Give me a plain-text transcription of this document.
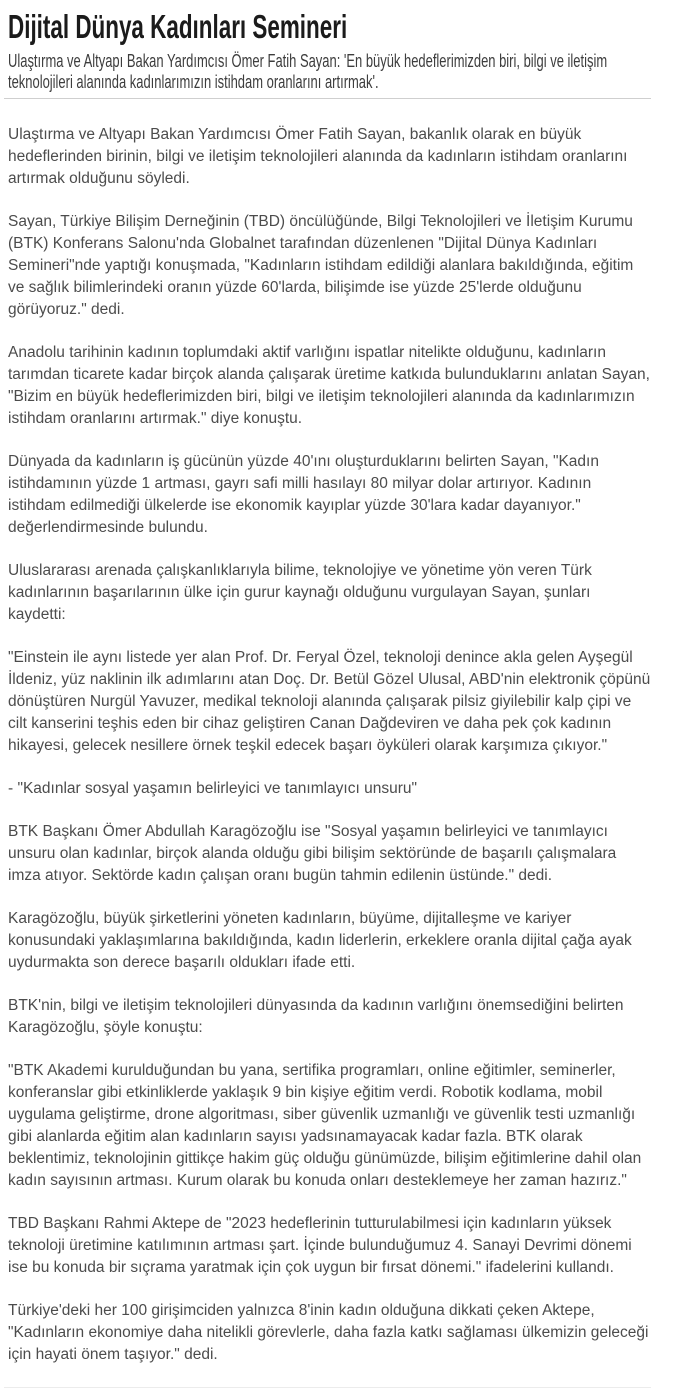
Dijital Dünya Kadınları Semineri

Ulaştırma ve Altyapı Bakan Yardımcısı Ömer Fatih Sayan: 'En büyük hedeflerimizden biri, bilgi ve iletişim teknolojileri alanında kadınlarımızın istihdam oranlarını artırmak'.

Ulaştırma ve Altyapı Bakan Yardımcısı Ömer Fatih Sayan, bakanlık olarak en büyük hedeflerinden birinin, bilgi ve iletişim teknolojileri alanında da kadınların istihdam oranlarını artırmak olduğunu söyledi.

Sayan, Türkiye Bilişim Derneğinin (TBD) öncülüğünde, Bilgi Teknolojileri ve İletişim Kurumu (BTK) Konferans Salonu'nda Globalnet tarafından düzenlenen "Dijital Dünya Kadınları Semineri"nde yaptığı konuşmada, "Kadınların istihdam edildiği alanlara bakıldığında, eğitim ve sağlık bilimlerindeki oranın yüzde 60'larda, bilişimde ise yüzde 25'lerde olduğunu görüyoruz." dedi.

Anadolu tarihinin kadının toplumdaki aktif varlığını ispatlar nitelikte olduğunu, kadınların tarımdan ticarete kadar birçok alanda çalışarak üretime katkıda bulunduklarını anlatan Sayan, "Bizim en büyük hedeflerimizden biri, bilgi ve iletişim teknolojileri alanında da kadınlarımızın istihdam oranlarını artırmak." diye konuştu.

Dünyada da kadınların iş gücünün yüzde 40'ını oluşturduklarını belirten Sayan, "Kadın istihdamının yüzde 1 artması, gayrı safi milli hasılayı 80 milyar dolar artırıyor. Kadının istihdam edilmediği ülkelerde ise ekonomik kayıplar yüzde 30'lara kadar dayanıyor." değerlendirmesinde bulundu.

Uluslararası arenada çalışkanlıklarıyla bilime, teknolojiye ve yönetime yön veren Türk kadınlarının başarılarının ülke için gurur kaynağı olduğunu vurgulayan Sayan, şunları kaydetti:

"Einstein ile aynı listede yer alan Prof. Dr. Feryal Özel, teknoloji denince akla gelen Ayşegül İldeniz, yüz naklinin ilk adımlarını atan Doç. Dr. Betül Gözel Ulusal, ABD'nin elektronik çöpünü dönüştüren Nurgül Yavuzer, medikal teknoloji alanında çalışarak pilsiz giyilebilir kalp çipi ve cilt kanserini teşhis eden bir cihaz geliştiren Canan Dağdeviren ve daha pek çok kadının hikayesi, gelecek nesillere örnek teşkil edecek başarı öyküleri olarak karşımıza çıkıyor."

- "Kadınlar sosyal yaşamın belirleyici ve tanımlayıcı unsuru"

BTK Başkanı Ömer Abdullah Karagözoğlu ise "Sosyal yaşamın belirleyici ve tanımlayıcı unsuru olan kadınlar, birçok alanda olduğu gibi bilişim sektöründe de başarılı çalışmalara imza atıyor. Sektörde kadın çalışan oranı bugün tahmin edilenin üstünde." dedi.

Karagözoğlu, büyük şirketlerini yöneten kadınların, büyüme, dijitalleşme ve kariyer konusundaki yaklaşımlarına bakıldığında, kadın liderlerin, erkeklere oranla dijital çağa ayak uydurmakta son derece başarılı oldukları ifade etti.

BTK'nin, bilgi ve iletişim teknolojileri dünyasında da kadının varlığını önemsediğini belirten Karagözoğlu, şöyle konuştu:

"BTK Akademi kurulduğundan bu yana, sertifika programları, online eğitimler, seminerler, konferanslar gibi etkinliklerde yaklaşık 9 bin kişiye eğitim verdi. Robotik kodlama, mobil uygulama geliştirme, drone algoritması, siber güvenlik uzmanlığı ve güvenlik testi uzmanlığı gibi alanlarda eğitim alan kadınların sayısı yadsınamayacak kadar fazla. BTK olarak beklentimiz, teknolojinin gittikçe hakim güç olduğu günümüzde, bilişim eğitimlerine dahil olan kadın sayısının artması. Kurum olarak bu konuda onları desteklemeye her zaman hazırız."

TBD Başkanı Rahmi Aktepe de "2023 hedeflerinin tutturulabilmesi için kadınların yüksek teknoloji üretimine katılımının artması şart. İçinde bulunduğumuz 4. Sanayi Devrimi dönemi ise bu konuda bir sıçrama yaratmak için çok uygun bir fırsat dönemi." ifadelerini kullandı.

Türkiye'deki her 100 girişimciden yalnızca 8'inin kadın olduğuna dikkati çeken Aktepe, "Kadınların ekonomiye daha nitelikli görevlerle, daha fazla katkı sağlaması ülkemizin geleceği için hayati önem taşıyor." dedi.
